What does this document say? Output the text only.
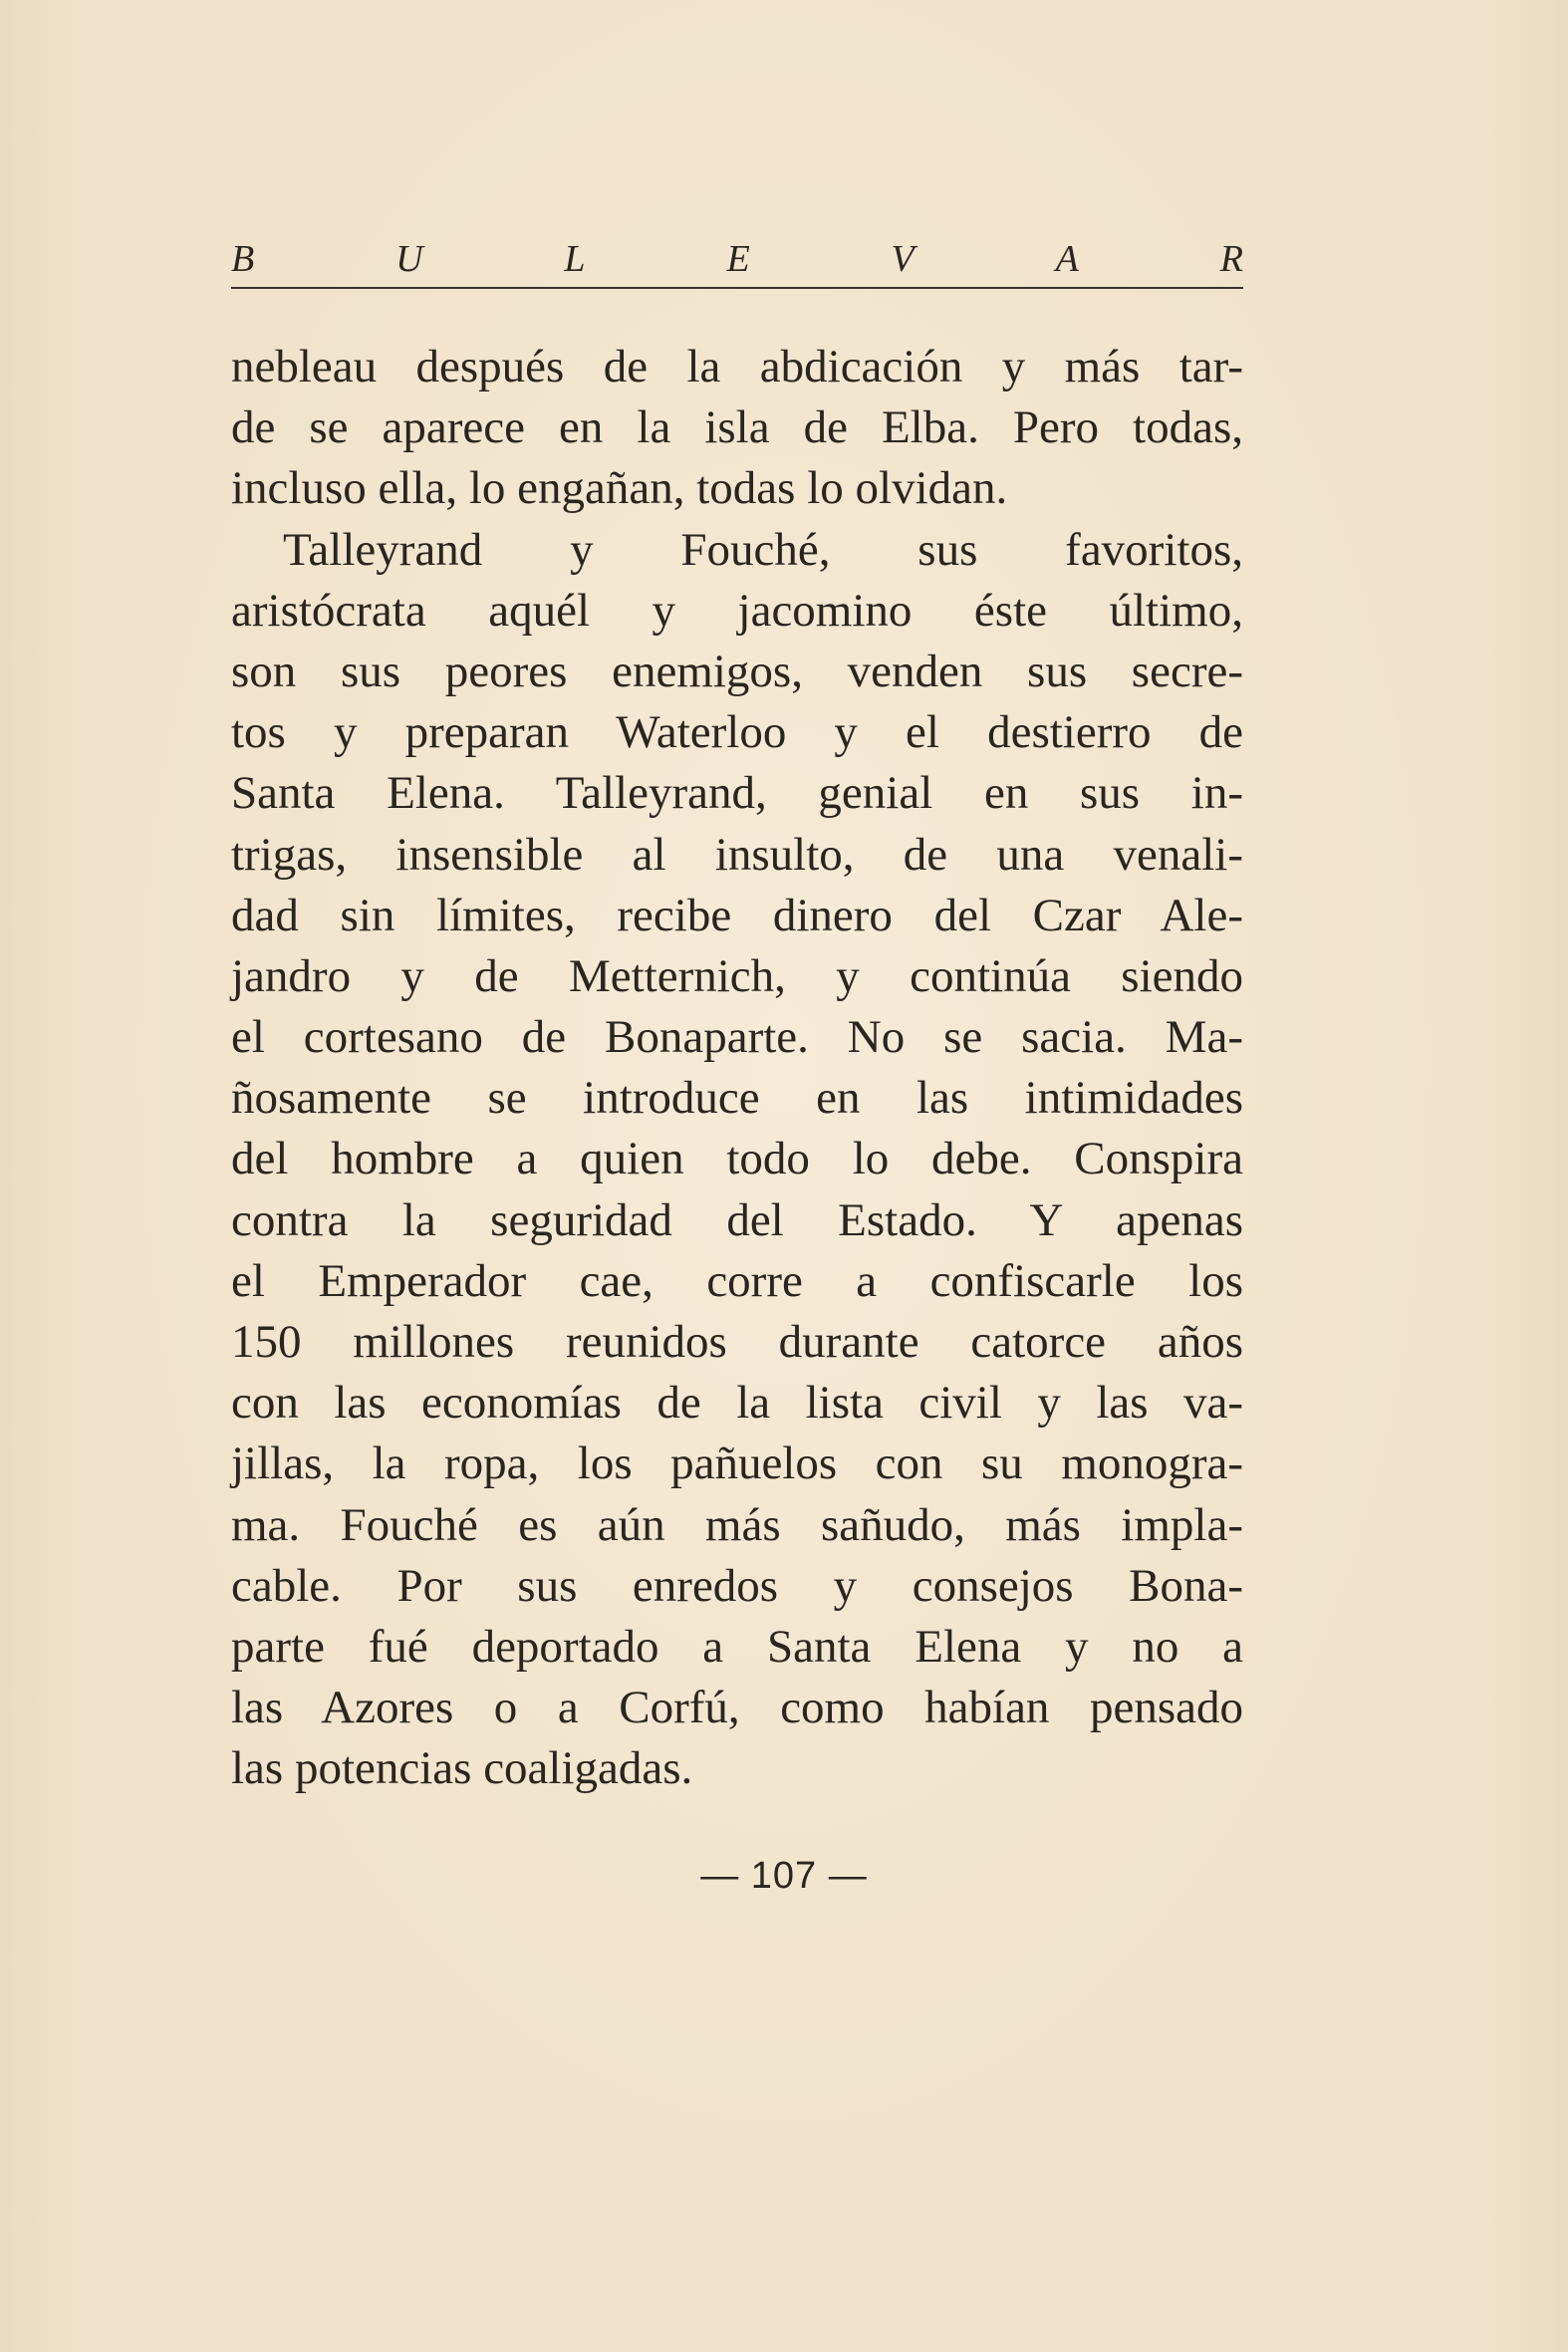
B	U	L	E	V	A	R
nebleau después de la abdicación y más tar-
de se aparece en la isla de Elba. Pero todas,
incluso ella, lo engañan, todas lo olvidan.
Talleyrand y Fouché, sus favoritos,
aristócrata aquél y jacomino éste último,
son sus peores enemigos, venden sus secre-
tos y preparan Waterloo y el destierro de
Santa Elena. Talleyrand, genial en sus in-
trigas, insensible al insulto, de una venali-
dad sin límites, recibe dinero del Czar Ale-
jandro y de Metternich, y continúa siendo
el cortesano de Bonaparte. No se sacia. Ma-
ñosamente se introduce en las intimidades
del hombre a quien todo lo debe. Conspira
contra la seguridad del Estado. Y apenas
el Emperador cae, corre a confiscarle los
150 millones reunidos durante catorce años
con las economías de la lista civil y las va-
jillas, la ropa, los pañuelos con su monogra-
ma. Fouché es aún más sañudo, más impla-
cable. Por sus enredos y consejos Bona-
parte fué deportado a Santa Elena y no a
las Azores o a Corfú, como habían pensado
las potencias coaligadas.
— 107 —
